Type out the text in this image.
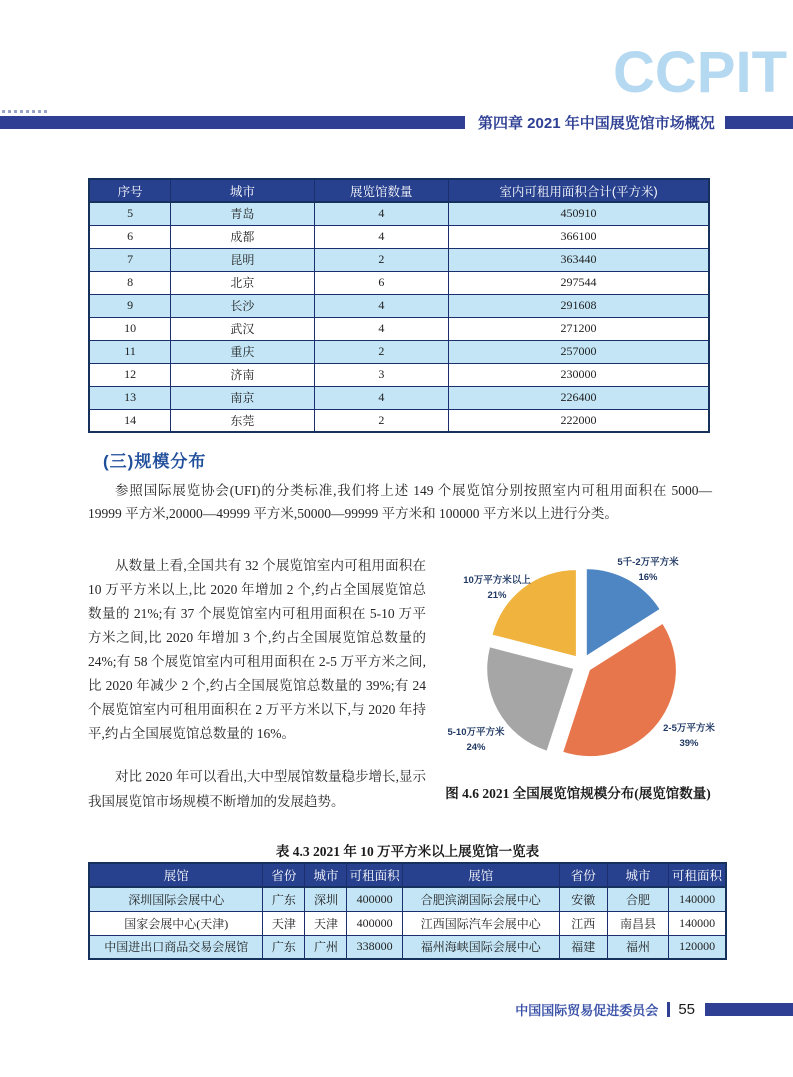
CCPIT
第四章 2021 年中国展览馆市场概况
序号	城市	展览馆数量	室内可租用面积合计(平方米)
5	青岛	4	450910
6	成都	4	366100
7	昆明	2	363440
8	北京	6	297544
9	长沙	4	291608
10	武汉	4	271200
11	重庆	2	257000
12	济南	3	230000
13	南京	4	226400
14	东莞	2	222000
(三)规模分布

参照国际展览协会(UFI)的分类标准,我们将上述 149 个展览馆分别按照室内可租用面积在 5000—19999 平方米,20000—49999 平方米,50000—99999 平方米和 100000 平方米以上进行分类。

从数量上看,全国共有 32 个展览馆室内可租用面积在 10 万平方米以上,比 2020 年增加 2 个,约占全国展览馆总数量的 21%;有 37 个展览馆室内可租用面积在 5-10 万平方米之间,比 2020 年增加 3 个,约占全国展览馆总数量的 24%;有 58 个展览馆室内可租用面积在 2-5 万平方米之间,比 2020 年减少 2 个,约占全国展览馆总数量的 39%;有 24 个展览馆室内可租用面积在 2 万平方米以下,与 2020 年持平,约占全国展览馆总数量的 16%。

对比 2020 年可以看出,大中型展馆数量稳步增长,显示我国展览馆市场规模不断增加的发展趋势。

5千-2万平方米
16%
2-5万平方米
39%
5-10万平方米
24%
10万平方米以上
21%
图 4.6 2021 全国展览馆规模分布(展览馆数量)
表 4.3 2021 年 10 万平方米以上展览馆一览表
展馆	省份	城市	可租面积	展馆	省份	城市	可租面积
深圳国际会展中心	广东	深圳	400000	合肥滨湖国际会展中心	安徽	合肥	140000
国家会展中心(天津)	天津	天津	400000	江西国际汽车会展中心	江西	南昌县	140000
中国进出口商品交易会展馆	广东	广州	338000	福州海峡国际会展中心	福建	福州	120000
中国国际贸易促进委员会 55
